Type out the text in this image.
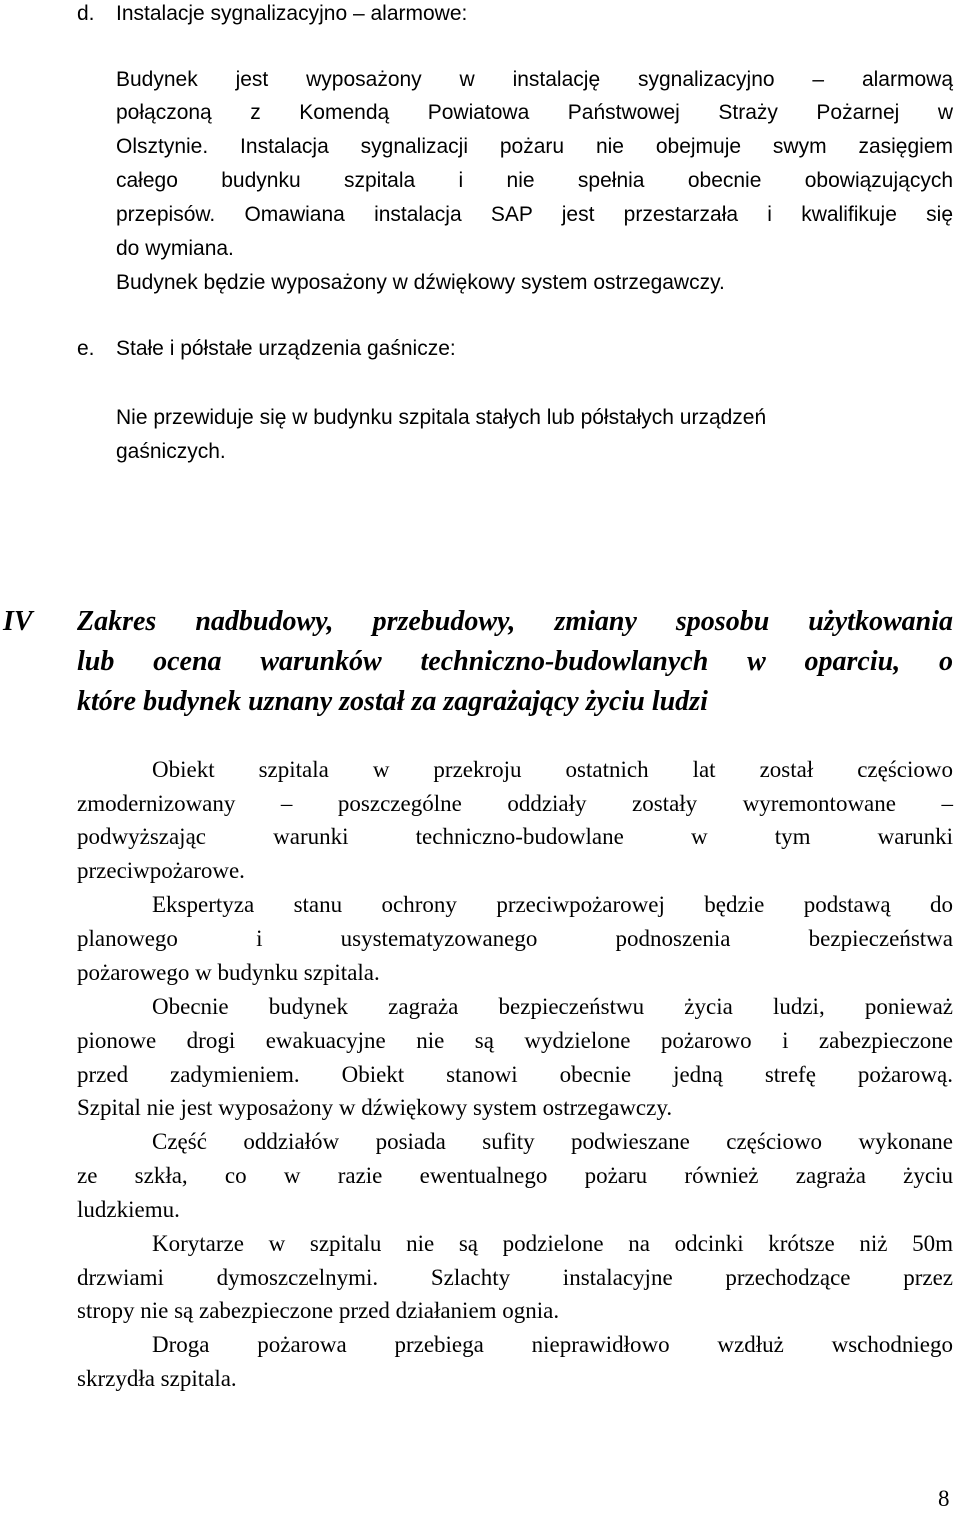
d. Instalacje sygnalizacyjno – alarmowe:

Budynek jest wyposażony w instalację sygnalizacyjno – alarmową

połączoną z Komendą Powiatowa Państwowej Straży Pożarnej w

Olsztynie. Instalacja sygnalizacji pożaru nie obejmuje swym zasięgiem

całego budynku szpitala i nie spełnia obecnie obowiązujących

przepisów. Omawiana instalacja SAP jest przestarzała i kwalifikuje się

do wymiana.

Budynek będzie wyposażony w dźwiękowy system ostrzegawczy.

e. Stałe i półstałe urządzenia gaśnicze:

Nie przewiduje się w budynku szpitala stałych lub półstałych urządzeń

gaśniczych.

IV Zakres nadbudowy, przebudowy, zmiany sposobu użytkowania

lub ocena warunków techniczno-budowlanych w oparciu, o

które budynek uznany został za zagrażający życiu ludzi

Obiekt szpitala w przekroju ostatnich lat został częściowo

zmodernizowany – poszczególne oddziały zostały wyremontowane –

podwyższając warunki techniczno-budowlane w tym warunki

przeciwpożarowe.

Ekspertyza stanu ochrony przeciwpożarowej będzie podstawą do

planowego i usystematyzowanego podnoszenia bezpieczeństwa

pożarowego w budynku szpitala.

Obecnie budynek zagraża bezpieczeństwu życia ludzi, ponieważ

pionowe drogi ewakuacyjne nie są wydzielone pożarowo i zabezpieczone

przed zadymieniem. Obiekt stanowi obecnie jedną strefę pożarową.

Szpital nie jest wyposażony w dźwiękowy system ostrzegawczy.

Część oddziałów posiada sufity podwieszane częściowo wykonane

ze szkła, co w razie ewentualnego pożaru również zagraża życiu

ludzkiemu.

Korytarze w szpitalu nie są podzielone na odcinki krótsze niż 50m

drzwiami dymoszczelnymi. Szlachty instalacyjne przechodzące przez

stropy nie są zabezpieczone przed działaniem ognia.

Droga pożarowa przebiega nieprawidłowo wzdłuż wschodniego

skrzydła szpitala.

8
